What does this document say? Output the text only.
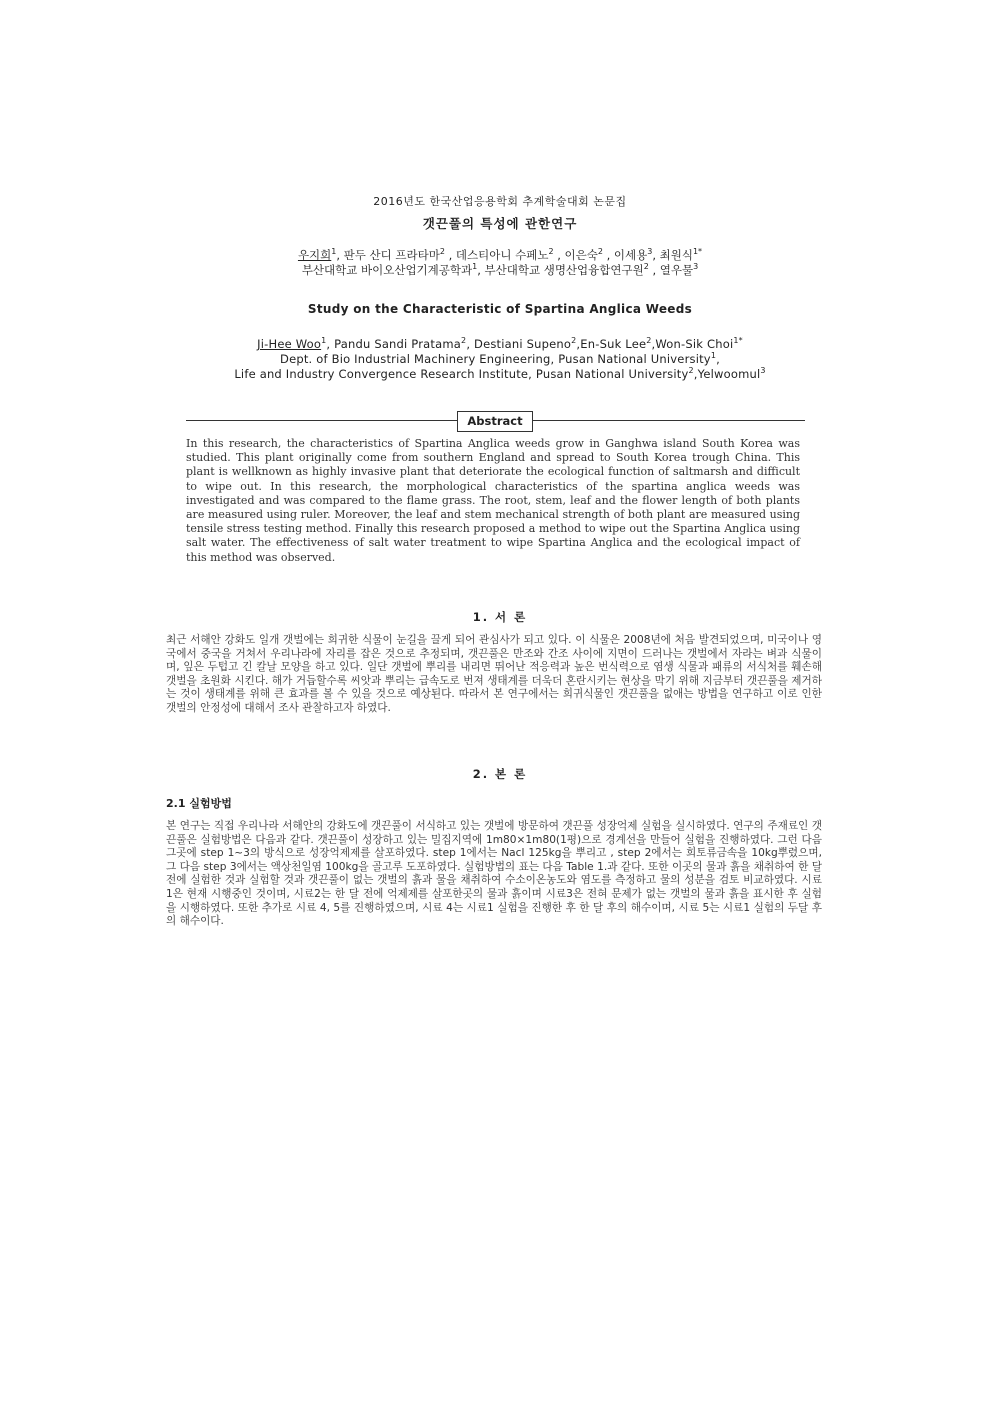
2016년도 한국산업응용학회 추계학술대회 논문집
갯끈풀의 특성에 관한연구
우지희$^1$, 판두 산디 프라타마$^2$ , 데스티아니 수페노$^2$ , 이은숙$^2$ , 이세용$^3$, 최원식$^{1*}$
부산대학교 바이오산업기계공학과$^1$, 부산대학교 생명산업융합연구원$^2$ , 열우물$^3$
Study on the Characteristic of Spartina Anglica Weeds
Ji-Hee Woo$^1$, Pandu Sandi Pratama$^2$, Destiani Supeno$^2$,En-Suk Lee$^2$,Won-Sik Choi$^{1*}$
Dept. of Bio Industrial Machinery Engineering, Pusan National University$^1$,
Life and Industry Convergence Research Institute, Pusan National University$^2$,Yelwoomul$^3$
Abstract
In this research, the characteristics of Spartina Anglica weeds grow in Ganghwa island South Korea was studied. This plant originally come from southern England and spread to South Korea trough China. This plant is wellknown as highly invasive plant that deteriorate the ecological function of saltmarsh and difficult to wipe out. In this research, the morphological characteristics of the spartina anglica weeds was investigated and was compared to the flame grass. The root, stem, leaf and the flower length of both plants are measured using ruler. Moreover, the leaf and stem mechanical strength of both plant are measured using tensile stress testing method. Finally this research proposed a method to wipe out the Spartina Anglica using salt water. The effectiveness of salt water treatment to wipe Spartina Anglica and the ecological impact of this method was observed.
1. 서 론
최근 서해안 강화도 일개 갯벌에는 희귀한 식물이 눈길을 끌게 되어 관심사가 되고 있다. 이 식물은 2008년에 처음 발견되었으며, 미국이나 영국에서 중국을 거쳐서 우리나라에 자리를 잡은 것으로 추정되며, 갯끈풀은 만조와 간조 사이에 지면이 드러나는 갯벌에서 자라는 벼과 식물이며, 잎은 두텁고 긴 칼날 모양을 하고 있다. 일단 갯벌에 뿌리를 내리면 뛰어난 적응력과 높은 번식력으로 염생 식물과 패류의 서식처를 훼손해 갯벌을 초원화 시킨다. 해가 거듭할수록 씨앗과 뿌리는 급속도로 번져 생태계를 더욱더 혼란시키는 현상을 막기 위해 지금부터 갯끈풀을 제거하는 것이 생태계를 위해 큰 효과를 볼 수 있을 것으로 예상된다. 따라서 본 연구에서는 희귀식물인 갯끈풀을 없애는 방법을 연구하고 이로 인한 갯벌의 안정성에 대해서 조사 관찰하고자 하였다.
2. 본 론
2.1 실험방법
본 연구는 직접 우리나라 서해안의 강화도에 갯끈풀이 서식하고 있는 갯벌에 방문하여 갯끈풀 성장억제 실험을 실시하였다. 연구의 주재료인 갯끈풀은 실험방법은 다음과 같다. 갯끈풀이 성장하고 있는 밀집지역에 1m80×1m80(1평)으로 경계선을 만들어 실험을 진행하였다. 그런 다음 그곳에 step 1~3의 방식으로 성장억제제를 살포하였다. step 1에서는 Nacl 125kg을 뿌리고 , step 2에서는 희토류금속을 10kg뿌렸으며, 그 다음 step 3에서는 액상천일염 100kg을 골고루 도포하였다. 실험방법의 표는 다음 Table 1.과 같다. 또한 이곳의 물과 흙을 채취하여 한 달 전에 실험한 것과 실험할 것과 갯끈풀이 없는 갯벌의 흙과 물을 채취하여 수소이온농도와 염도를 측정하고 물의 성분을 검토 비교하였다. 시료 1은 현재 시행중인 것이며, 시료2는 한 달 전에 억제제를 살포한곳의 물과 흙이며 시료3은 전혀 문제가 없는 갯벌의 물과 흙을 표시한 후 실험을 시행하였다. 또한 추가로 시료 4, 5를 진행하였으며, 시료 4는 시료1 실험을 진행한 후 한 달 후의 해수이며, 시료 5는 시료1 실험의 두달 후의 해수이다.
